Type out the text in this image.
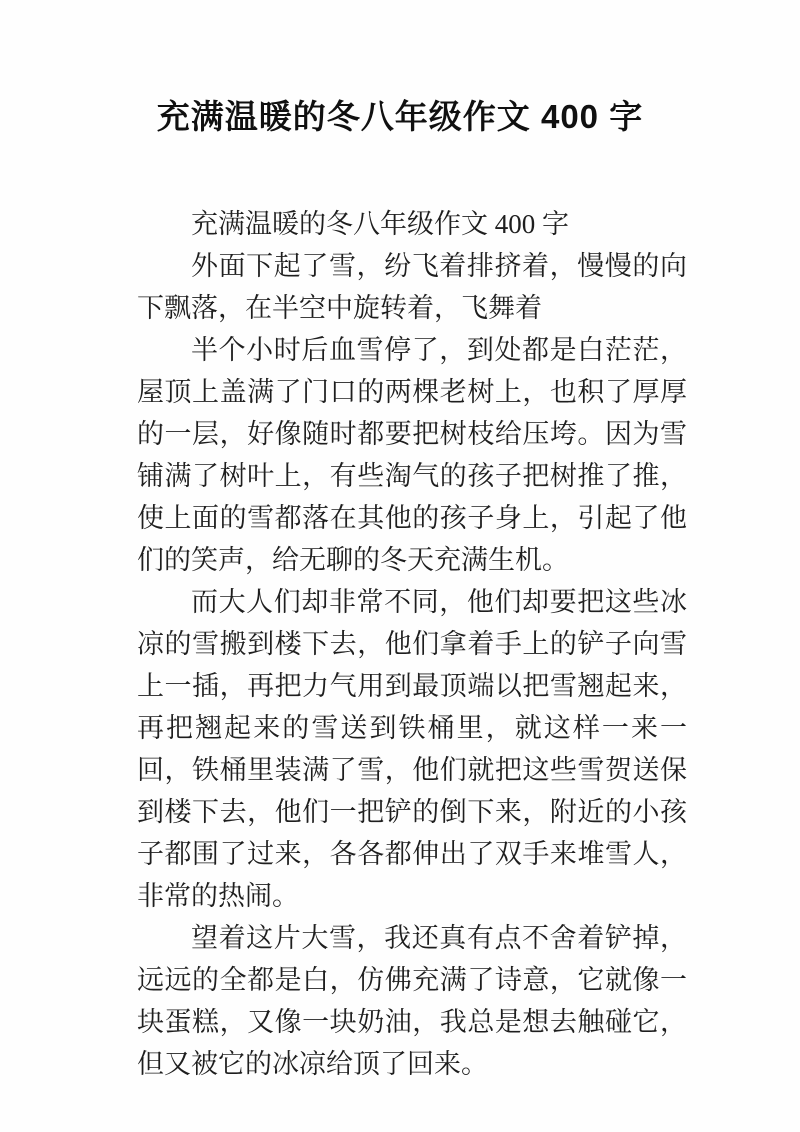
充满温暖的冬八年级作文 400 字

充满温暖的冬八年级作文 400 字

外面下起了雪，纷飞着排挤着，慢慢的向下飘落，在半空中旋转着，飞舞着

半个小时后血雪停了，到处都是白茫茫，屋顶上盖满了门口的两棵老树上，也积了厚厚的一层，好像随时都要把树枝给压垮。因为雪铺满了树叶上，有些淘气的孩子把树推了推，使上面的雪都落在其他的孩子身上，引起了他们的笑声，给无聊的冬天充满生机。

而大人们却非常不同，他们却要把这些冰凉的雪搬到楼下去，他们拿着手上的铲子向雪上一插，再把力气用到最顶端以把雪翘起来，再把翘起来的雪送到铁桶里，就这样一来一回，铁桶里装满了雪，他们就把这些雪贺送保到楼下去，他们一把铲的倒下来，附近的小孩子都围了过来，各各都伸出了双手来堆雪人，非常的热闹。

望着这片大雪，我还真有点不舍着铲掉，远远的全都是白，仿佛充满了诗意，它就像一块蛋糕，又像一块奶油，我总是想去触碰它，但又被它的冰凉给顶了回来。
